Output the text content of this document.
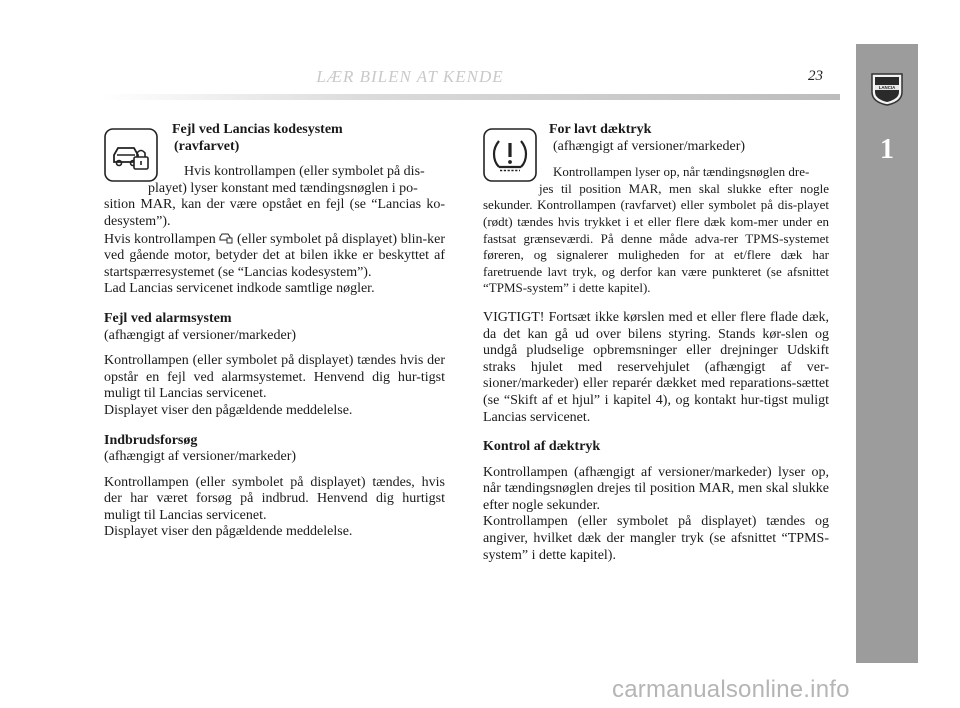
LÆR BILEN AT KENDE	23
LANCIA
1

Fejl ved Lancias kodesystem

(ravfarvet)

Hvis kontrollampen (eller symbolet på dis-

playet) lyser konstant med tændingsnøglen i po-

sition MAR, kan der være opstået en fejl (se “Lancias ko-desystem”).

Hvis kontrollampen (eller symbolet på displayet) blin-ker ved gående motor, betyder det at bilen ikke er beskyttet af startspærresystemet (se “Lancias kodesystem”).

Lad Lancias servicenet indkode samtlige nøgler.

Fejl ved alarmsystem

(afhængigt af versioner/markeder)

Kontrollampen (eller symbolet på displayet) tændes hvis der opstår en fejl ved alarmsystemet. Henvend dig hur-tigst muligt til Lancias servicenet.

Displayet viser den pågældende meddelelse.

Indbrudsforsøg

(afhængigt af versioner/markeder)

Kontrollampen (eller symbolet på displayet) tændes, hvis der har været forsøg på indbrud. Henvend dig hurtigst muligt til Lancias servicenet.

Displayet viser den pågældende meddelelse.

For lavt dæktryk

(afhængigt af versioner/markeder)

Kontrollampen lyser op, når tændingsnøglen dre-

jes til position MAR, men skal slukke efter nogle sekunder. Kontrollampen (ravfarvet) eller symbolet på dis-playet (rødt) tændes hvis trykket i et eller flere dæk kom-mer under en fastsat grænseværdi. På denne måde adva-rer TPMS-systemet føreren, og signalerer muligheden for at et/flere dæk har faretruende lavt tryk, og derfor kan være punkteret (se afsnittet “TPMS-system” i dette kapitel).

VIGTIGT! Fortsæt ikke kørslen med et eller flere flade dæk, da det kan gå ud over bilens styring. Stands kør-slen og undgå pludselige opbremsninger eller drejninger Udskift straks hjulet med reservehjulet (afhængigt af ver-sioner/markeder) eller reparér dækket med reparations-sættet (se “Skift af et hjul” i kapitel 4), og kontakt hur-tigst muligt Lancias servicenet.

Kontrol af dæktryk

Kontrollampen (afhængigt af versioner/markeder) lyser op, når tændingsnøglen drejes til position MAR, men skal slukke efter nogle sekunder.

Kontrollampen (eller symbolet på displayet) tændes og angiver, hvilket dæk der mangler tryk (se afsnittet “TPMS-system” i dette kapitel).

carmanualsonline.info
